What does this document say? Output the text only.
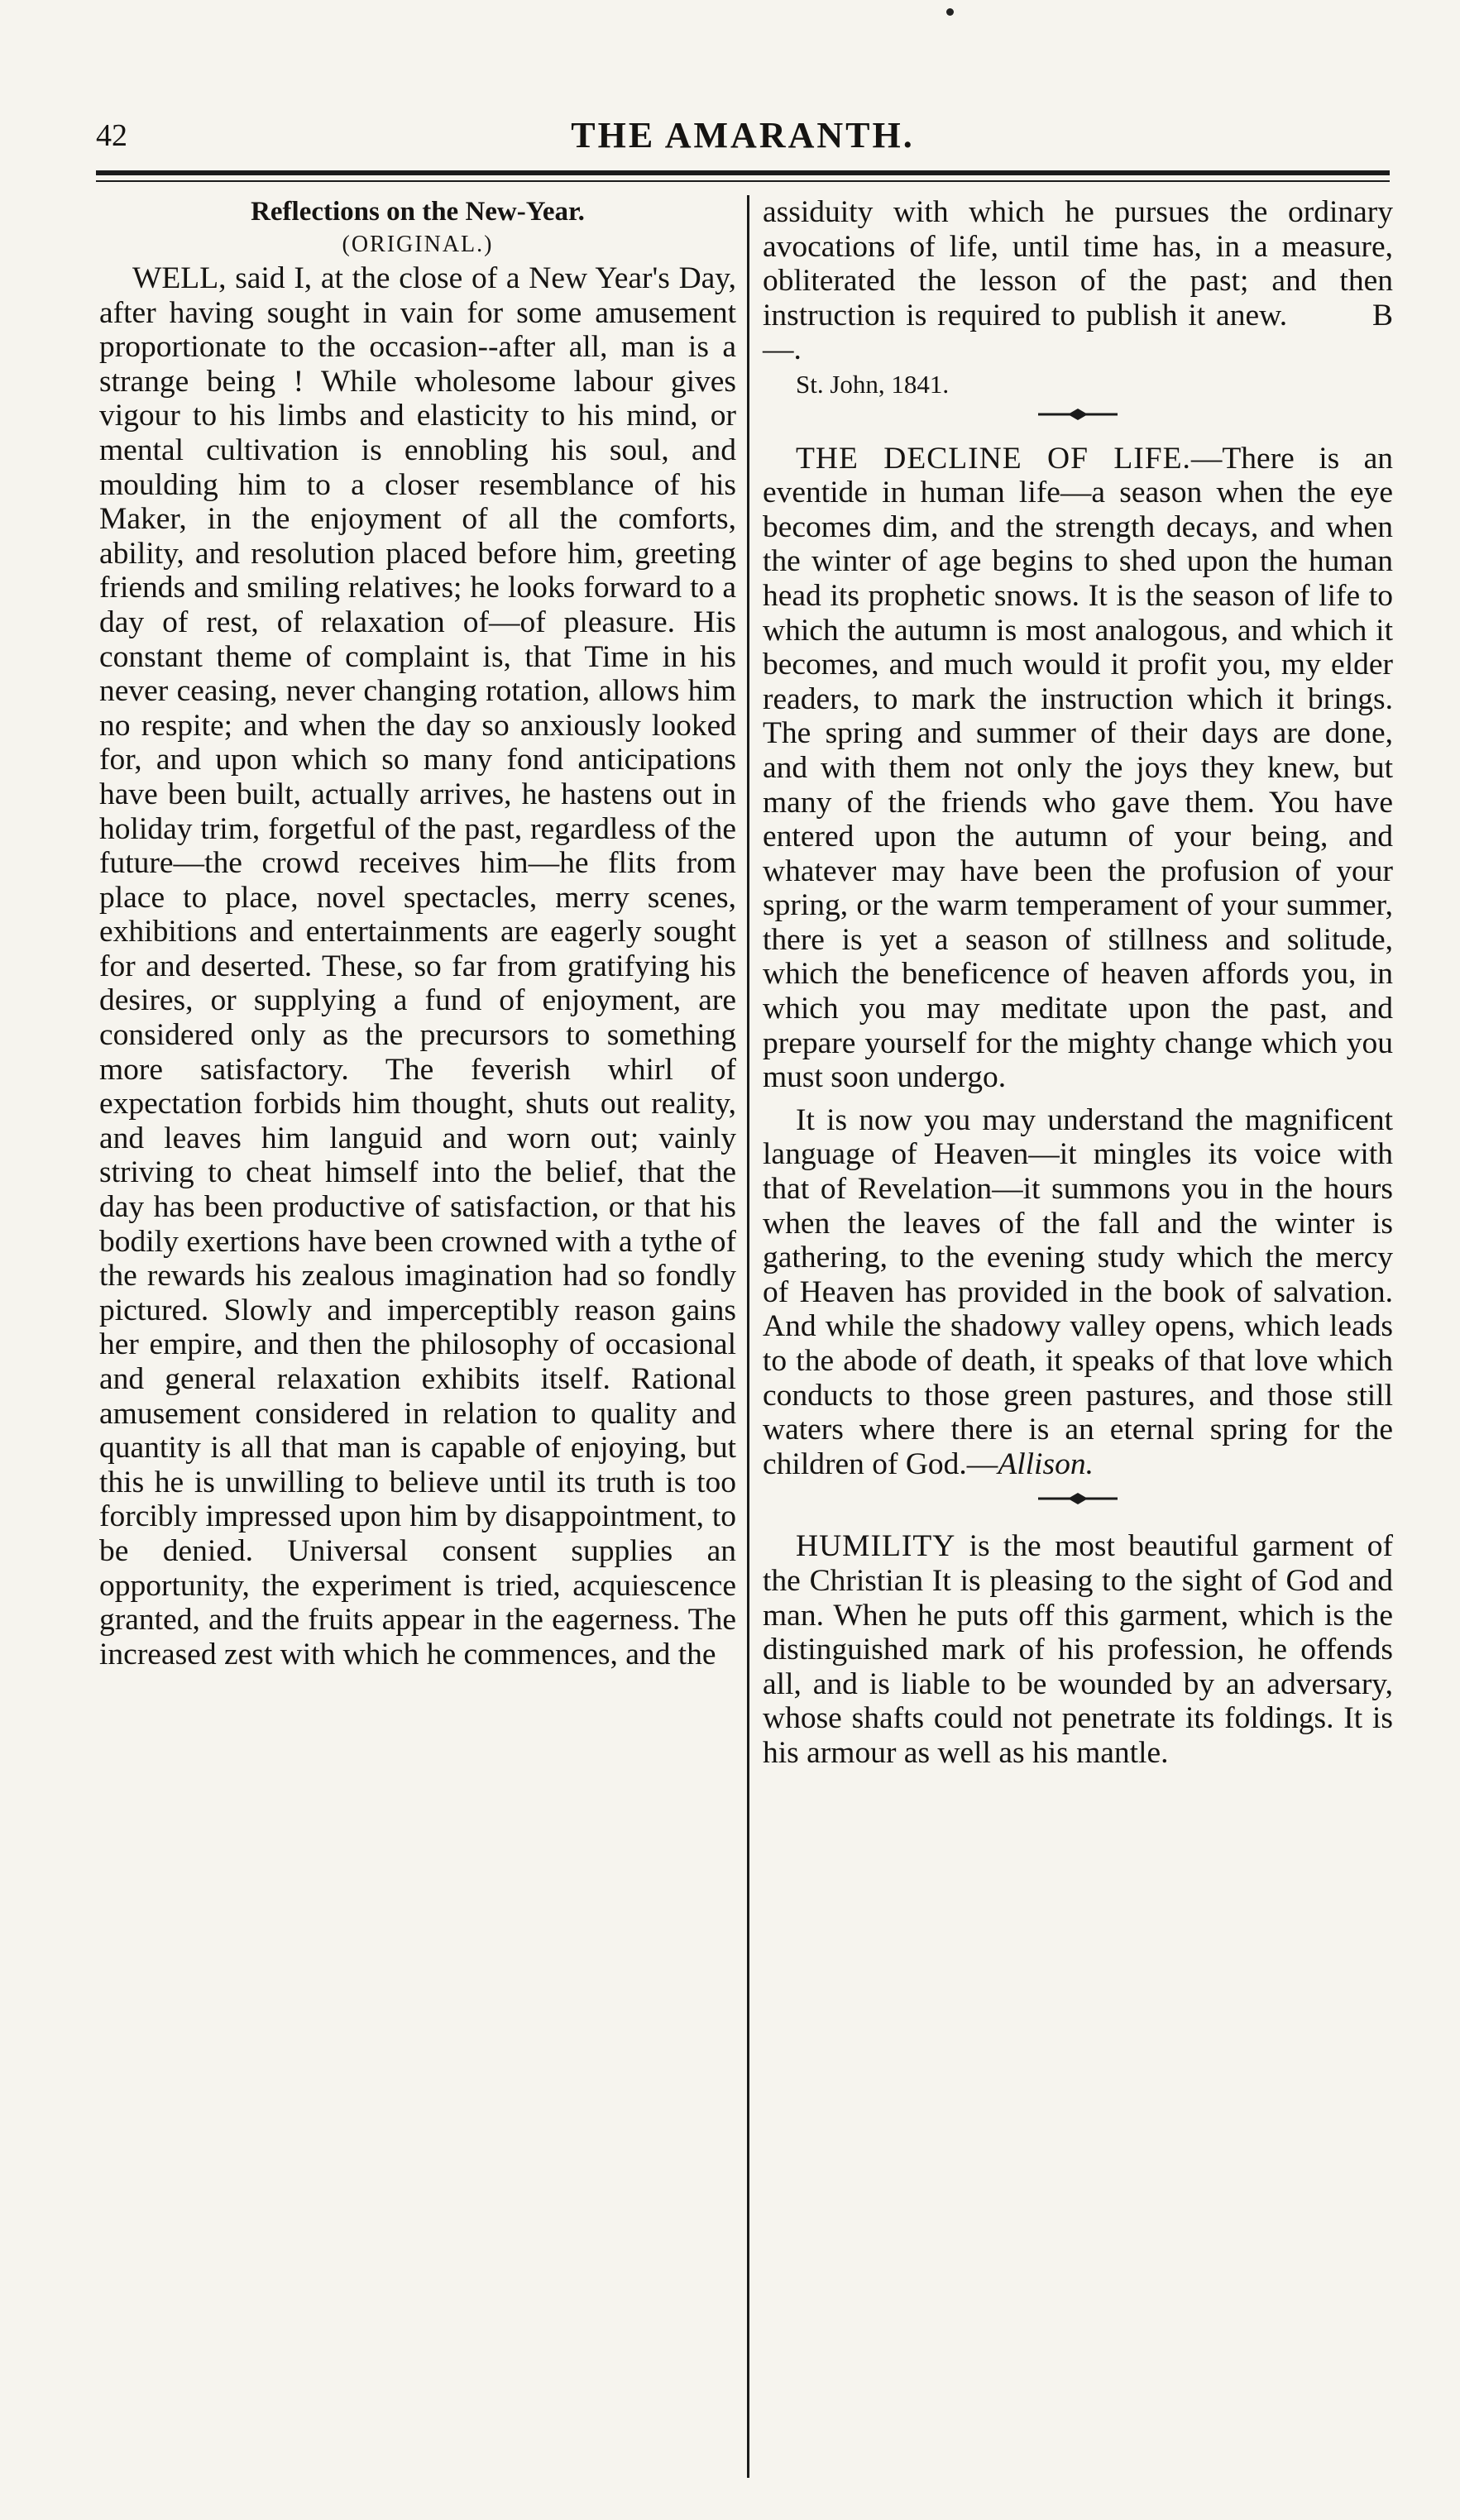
42	THE AMARANTH.

Reflections on the New-Year.

(ORIGINAL.)

WELL, said I, at the close of a New Year's Day, after having sought in vain for some amusement proportionate to the occasion--after all, man is a strange being ! While wholesome labour gives vigour to his limbs and elasticity to his mind, or mental cultivation is ennobling his soul, and moulding him to a closer resemblance of his Maker, in the enjoyment of all the comforts, ability, and resolution placed before him, greeting friends and smiling relatives; he looks forward to a day of rest, of relaxation of—of pleasure. His constant theme of complaint is, that Time in his never ceasing, never changing rotation, allows him no respite; and when the day so anxiously looked for, and upon which so many fond anticipations have been built, actually arrives, he hastens out in holiday trim, forgetful of the past, regardless of the future—the crowd receives him—he flits from place to place, novel spectacles, merry scenes, exhibitions and entertainments are eagerly sought for and deserted. These, so far from gratifying his desires, or supplying a fund of enjoyment, are considered only as the precursors to something more satisfactory. The feverish whirl of expectation forbids him thought, shuts out reality, and leaves him languid and worn out; vainly striving to cheat himself into the belief, that the day has been productive of satisfaction, or that his bodily exertions have been crowned with a tythe of the rewards his zealous imagination had so fondly pictured. Slowly and imperceptibly reason gains her empire, and then the philosophy of occasional and general relaxation exhibits itself. Rational amusement considered in relation to quality and quantity is all that man is capable of enjoying, but this he is unwilling to believe until its truth is too forcibly impressed upon him by disappointment, to be denied. Universal consent supplies an opportunity, the experiment is tried, acquiescence granted, and the fruits appear in the eagerness. The increased zest with which he commences, and the

assiduity with which he pursues the ordinary avocations of life, until time has, in a measure, obliterated the lesson of the past; and then instruction is required to publish it anew.	B—.

St. John, 1841.

THE DECLINE OF LIFE.—There is an eventide in human life—a season when the eye becomes dim, and the strength decays, and when the winter of age begins to shed upon the human head its prophetic snows. It is the season of life to which the autumn is most analogous, and which it becomes, and much would it profit you, my elder readers, to mark the instruction which it brings. The spring and summer of their days are done, and with them not only the joys they knew, but many of the friends who gave them. You have entered upon the autumn of your being, and whatever may have been the profusion of your spring, or the warm temperament of your summer, there is yet a season of stillness and solitude, which the beneficence of heaven affords you, in which you may meditate upon the past, and prepare yourself for the mighty change which you must soon undergo.

It is now you may understand the magnificent language of Heaven—it mingles its voice with that of Revelation—it summons you in the hours when the leaves of the fall and the winter is gathering, to the evening study which the mercy of Heaven has provided in the book of salvation. And while the shadowy valley opens, which leads to the abode of death, it speaks of that love which conducts to those green pastures, and those still waters where there is an eternal spring for the children of God.—Allison.

HUMILITY is the most beautiful garment of the Christian It is pleasing to the sight of God and man. When he puts off this garment, which is the distinguished mark of his profession, he offends all, and is liable to be wounded by an adversary, whose shafts could not penetrate its foldings. It is his armour as well as his mantle.
